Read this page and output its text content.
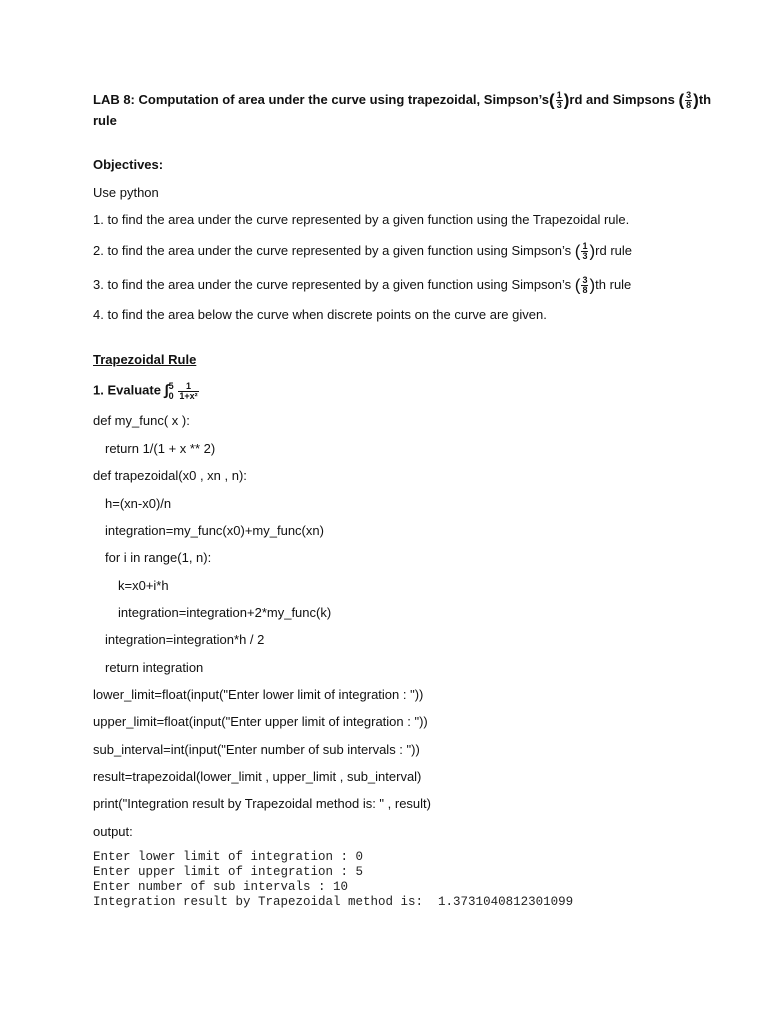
LAB 8: Computation of area under the curve using trapezoidal, Simpson’s( $\frac{1}{3} )rd$ and Simpsons ( $\frac{3}{8} )th$
rule
Objectives:
Use python
1. to find the area under the curve represented by a given function using the Trapezoidal rule.
2. to find the area under the curve represented by a given function using Simpson’s ( $\frac{1}{3} )rd$ rule
3. to find the area under the curve represented by a given function using Simpson’s ( $\frac{3}{8} )th$ rule
4. to find the area below the curve when discrete points on the curve are given.
Trapezoidal Rule
1. Evaluate ∫ 5
0
$\frac{1}{\text{1+x²}}$
def my_func( x ):
return 1/(1 + x ** 2)
def trapezoidal(x0 , xn , n):
h=(xn-x0)/n
integration=my_func(x0)+my_func(xn)
for i in range(1, n):
k=x0+i*h
integration=integration+2*my_func(k)
integration=integration*h / 2
return integration
lower_limit=float(input("Enter lower limit of integration : "))
upper_limit=float(input("Enter upper limit of integration : "))
sub_interval=int(input("Enter number of sub intervals : "))
result=trapezoidal(lower_limit , upper_limit , sub_interval)
print("Integration result by Trapezoidal method is: " , result)
output:
Enter lower limit of integration : 0
Enter upper limit of integration : 5
Enter number of sub intervals : 10
Integration result by Trapezoidal method is:  1.3731040812301099
